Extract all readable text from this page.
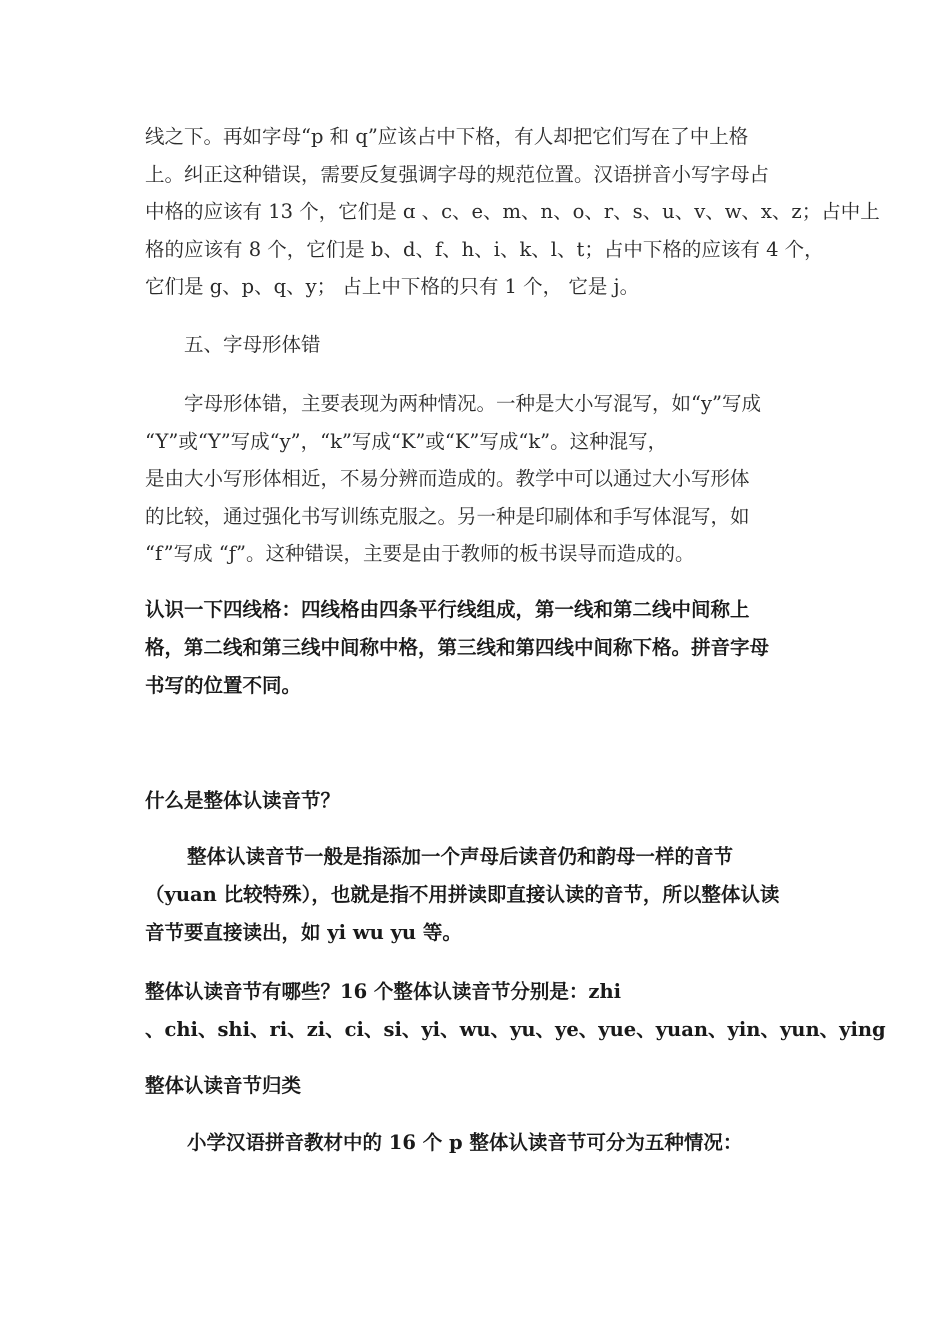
线之下。再如字母“p 和 q”应该占中下格，有人却把它们写在了中上格
上。纠正这种错误，需要反复强调字母的规范位置。汉语拼音小写字母占
中格的应该有 13 个，它们是 ɑ 、c、e、m、n、o、r、s、u、v、w、x、z；占中上
格的应该有 8 个，它们是 b、d、f、h、i、k、l、t；占中下格的应该有 4 个，
它们是 g、p、q、y； 占上中下格的只有 1 个， 它是 j。

五、字母形体错

字母形体错，主要表现为两种情况。一种是大小写混写，如“y”写成
“Y”或“Y”写成“y”，“k”写成“K”或“K”写成“k”。这种混写，
是由大小写形体相近，不易分辨而造成的。教学中可以通过大小写形体
的比较，通过强化书写训练克服之。另一种是印刷体和手写体混写，如
“f”写成 “ƒ”。这种错误，主要是由于教师的板书误导而造成的。

认识一下四线格：四线格由四条平行线组成，第一线和第二线中间称上
格，第二线和第三线中间称中格，第三线和第四线中间称下格。拼音字母
书写的位置不同。

什么是整体认读音节？

整体认读音节一般是指添加一个声母后读音仍和韵母一样的音节
（yuan 比较特殊），也就是指不用拼读即直接认读的音节，所以整体认读
音节要直接读出，如 yi wu yu 等。

整体认读音节有哪些？16 个整体认读音节分别是：zhi
、chi、shi、ri、zi、ci、si、yi、wu、yu、ye、yue、yuan、yin、yun、ying

整体认读音节归类

小学汉语拼音教材中的 16 个 p 整体认读音节可分为五种情况：
